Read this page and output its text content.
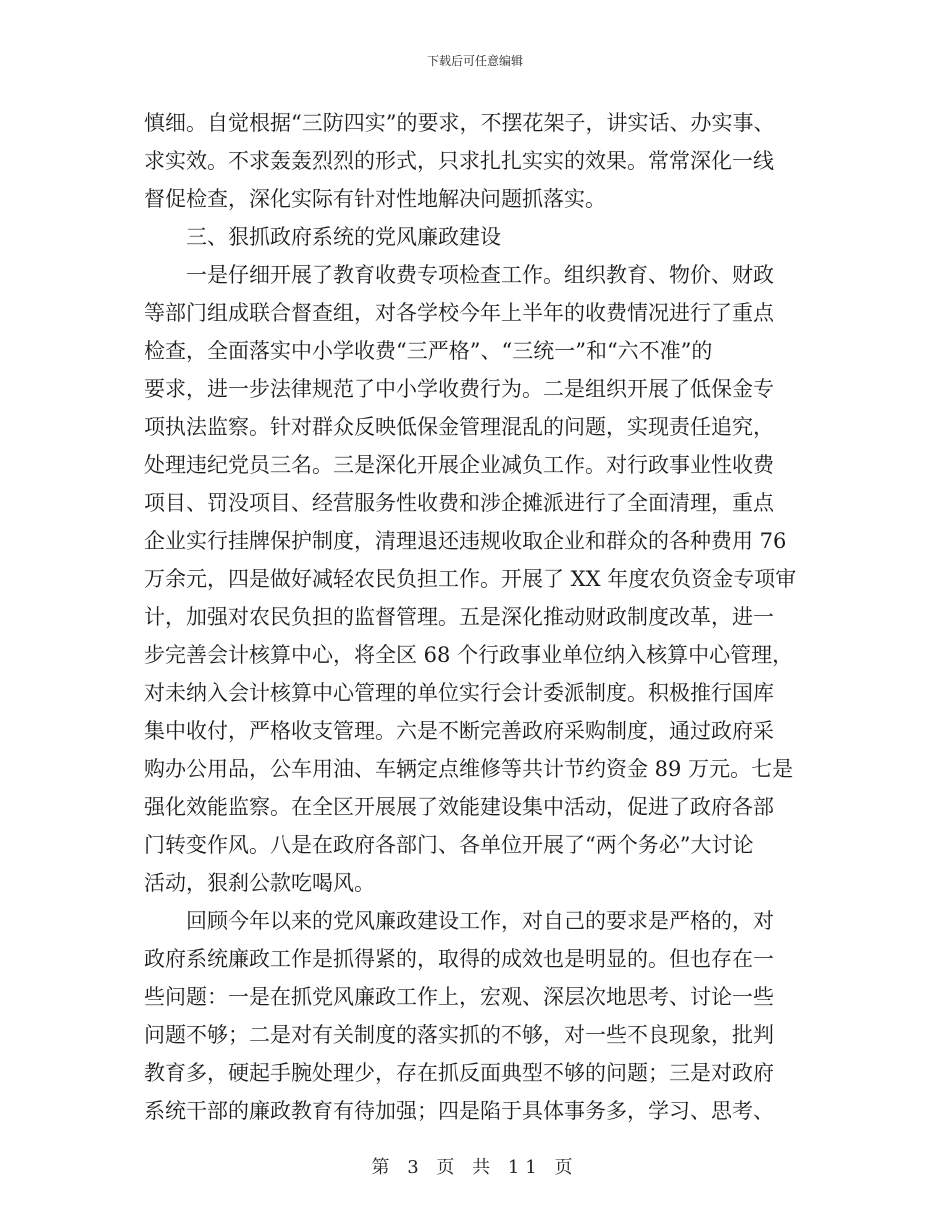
下载后可任意编辑
慎细。自觉根据“三防四实”的要求，不摆花架子，讲实话、办实事、
求实效。不求轰轰烈烈的形式，只求扎扎实实的效果。常常深化一线
督促检查，深化实际有针对性地解决问题抓落实。
三、狠抓政府系统的党风廉政建设
一是仔细开展了教育收费专项检查工作。组织教育、物价、财政
等部门组成联合督查组，对各学校今年上半年的收费情况进行了重点
检查，全面落实中小学收费“三严格”、“三统一”和“六不准”的
要求，进一步法律规范了中小学收费行为。二是组织开展了低保金专
项执法监察。针对群众反映低保金管理混乱的问题，实现责任追究，
处理违纪党员三名。三是深化开展企业减负工作。对行政事业性收费
项目、罚没项目、经营服务性收费和涉企摊派进行了全面清理，重点
企业实行挂牌保护制度，清理退还违规收取企业和群众的各种费用 76
万余元，四是做好减轻农民负担工作。开展了 XX 年度农负资金专项审
计，加强对农民负担的监督管理。五是深化推动财政制度改革，进一
步完善会计核算中心，将全区 68 个行政事业单位纳入核算中心管理，
对未纳入会计核算中心管理的单位实行会计委派制度。积极推行国库
集中收付，严格收支管理。六是不断完善政府采购制度，通过政府采
购办公用品，公车用油、车辆定点维修等共计节约资金 89 万元。七是
强化效能监察。在全区开展展了效能建设集中活动，促进了政府各部
门转变作风。八是在政府各部门、各单位开展了“两个务必”大讨论
活动，狠刹公款吃喝风。
回顾今年以来的党风廉政建设工作，对自己的要求是严格的，对
政府系统廉政工作是抓得紧的，取得的成效也是明显的。但也存在一
些问题：一是在抓党风廉政工作上，宏观、深层次地思考、讨论一些
问题不够；二是对有关制度的落实抓的不够，对一些不良现象，批判
教育多，硬起手腕处理少，存在抓反面典型不够的问题；三是对政府
系统干部的廉政教育有待加强；四是陷于具体事务多，学习、思考、
第 3 页 共 11 页
